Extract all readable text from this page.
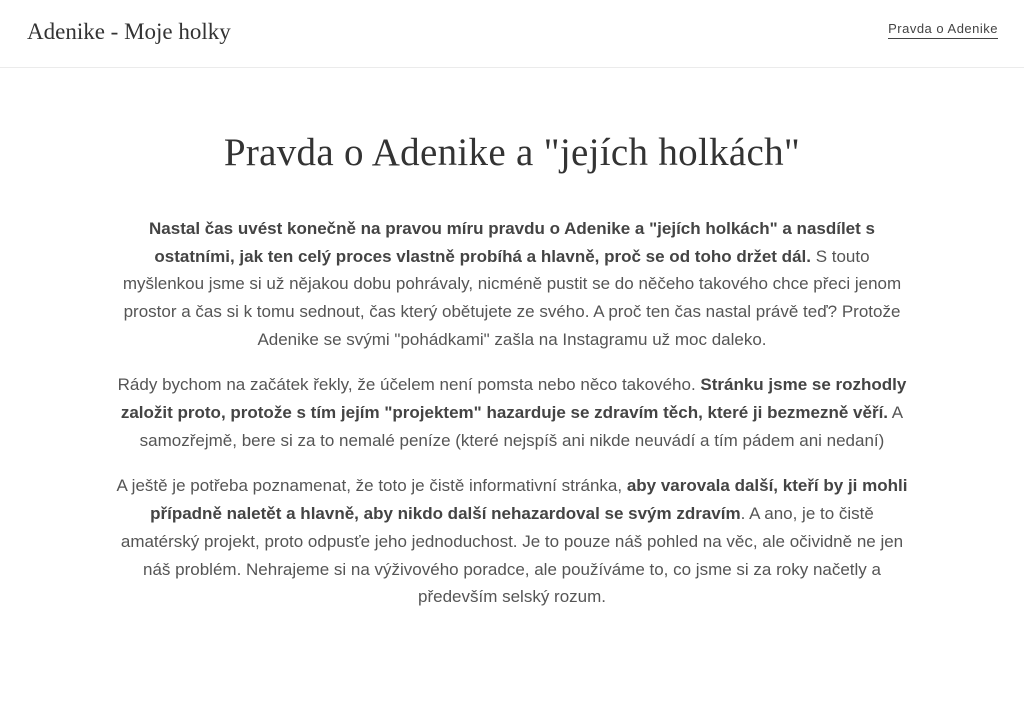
Adenike - Moje holky	Pravda o Adenike
Pravda o Adenike a "jejích holkách"

Nastal čas uvést konečně na pravou míru pravdu o Adenike a "jejích holkách" a nasdílet s ostatními, jak ten celý proces vlastně probíhá a hlavně, proč se od toho držet dál. S touto myšlenkou jsme si už nějakou dobu pohrávaly, nicméně pustit se do něčeho takového chce přeci jenom prostor a čas si k tomu sednout, čas který obětujete ze svého. A proč ten čas nastal právě teď? Protože Adenike se svými "pohádkami" zašla na Instagramu už moc daleko.

Rády bychom na začátek řekly, že účelem není pomsta nebo něco takového. Stránku jsme se rozhodly založit proto, protože s tím jejím "projektem" hazarduje se zdravím těch, které ji bezmezně věří. A samozřejmě, bere si za to nemalé peníze (které nejspíš ani nikde neuvádí a tím pádem ani nedaní)

A ještě je potřeba poznamenat, že toto je čistě informativní stránka, aby varovala další, kteří by ji mohli případně naletět a hlavně, aby nikdo další nehazardoval se svým zdravím. A ano, je to čistě amatérský projekt, proto odpusťe jeho jednoduchost. Je to pouze náš pohled na věc, ale očividně ne jen náš problém. Nehrajeme si na výživového poradce, ale používáme to, co jsme si za roky načetly a především selský rozum.
